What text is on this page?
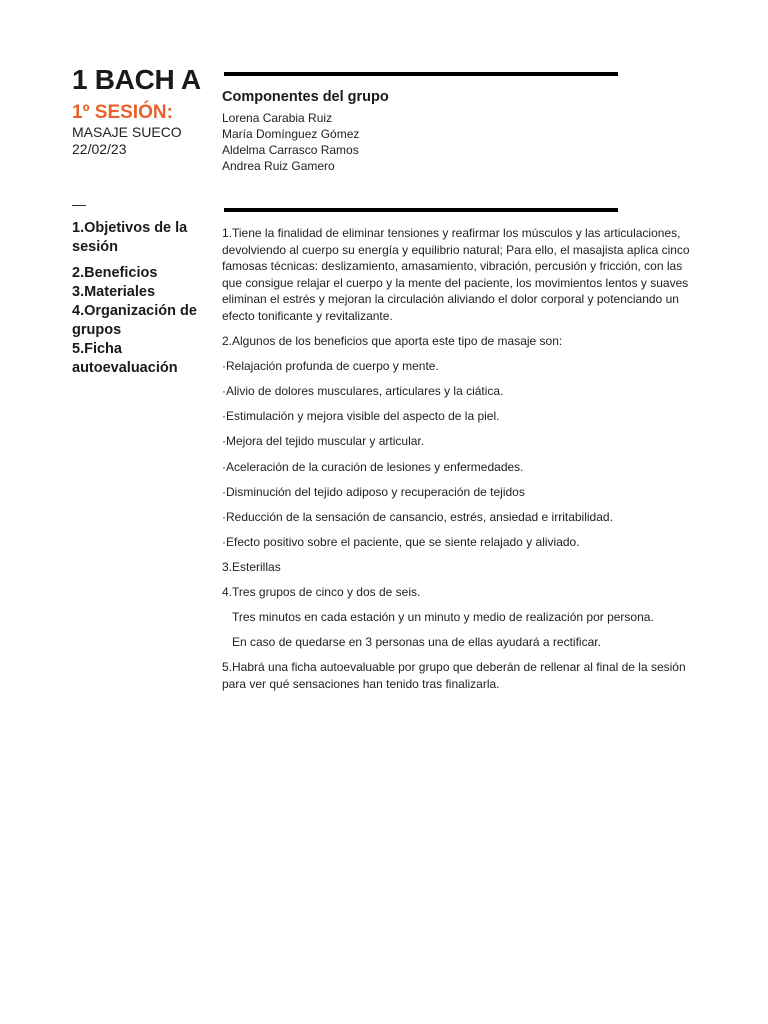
1 BACH A
1º SESIÓN:
MASAJE SUECO
22/02/23
—
1.Objetivos de la sesión
2.Beneficios
3.Materiales
4.Organización de grupos
5.Ficha autoevaluación
Componentes del grupo
Lorena Carabia Ruiz
María Domínguez Gómez
Aldelma Carrasco Ramos
Andrea Ruiz Gamero

1.Tiene la finalidad de eliminar tensiones y reafirmar los músculos y las articulaciones, devolviendo al cuerpo su energía y equilibrio natural; Para ello, el masajista aplica cinco famosas técnicas: deslizamiento, amasamiento, vibración, percusión y fricción, con las que consigue relajar el cuerpo y la mente del paciente, los movimientos lentos y suaves eliminan el estrés y mejoran la circulación aliviando el dolor corporal y potenciando un efecto tonificante y revitalizante.

2.Algunos de los beneficios que aporta este tipo de masaje son:

·Relajación profunda de cuerpo y mente.

·Alivio de dolores musculares, articulares y la ciática.

·Estimulación y mejora visible del aspecto de la piel.

·Mejora del tejido muscular y articular.

·Aceleración de la curación de lesiones y enfermedades.

·Disminución del tejido adiposo y recuperación de tejidos

·Reducción de la sensación de cansancio, estrés, ansiedad e irritabilidad.

·Efecto positivo sobre el paciente, que se siente relajado y aliviado.

3.Esterillas

4.Tres grupos de cinco y dos de seis.

Tres minutos en cada estación y un minuto y medio de realización por persona.

En caso de quedarse en 3 personas una de ellas ayudará a rectificar.

5.Habrá una ficha autoevaluable por grupo que deberán de rellenar al final de la sesión para ver qué sensaciones han tenido tras finalizarla.
